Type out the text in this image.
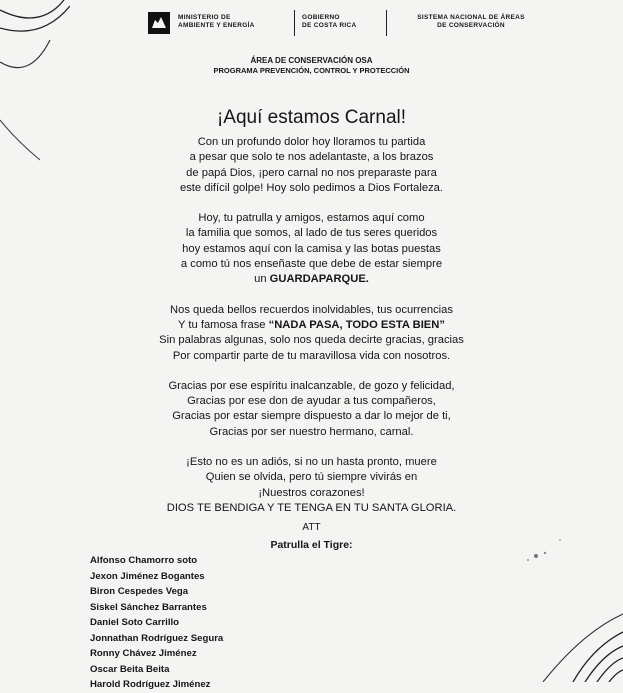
MINISTERIO DE
AMBIENTE Y ENERGÍA
GOBIERNO
DE COSTA RICA
SISTEMA NACIONAL DE ÁREAS
DE CONSERVACIÓN
ÁREA DE CONSERVACIÓN OSA
PROGRAMA PREVENCIÓN, CONTROL Y PROTECCIÓN
¡Aquí estamos Carnal!
Con un profundo dolor hoy lloramos tu partida
a pesar que solo te nos adelantaste, a los brazos
de papá Dios, ¡pero carnal no nos preparaste para
este difícil golpe! Hoy solo pedimos a Dios Fortaleza.
Hoy, tu patrulla y amigos, estamos aquí como
la familia que somos, al lado de tus seres queridos
hoy estamos aquí con la camisa y las botas puestas
a como tú nos enseñaste que debe de estar siempre
un GUARDAPARQUE.
Nos queda bellos recuerdos inolvidables, tus ocurrencias
Y tu famosa frase “NADA PASA, TODO ESTA BIEN”
Sin palabras algunas, solo nos queda decirte gracias, gracias
Por compartir parte de tu maravillosa vida con nosotros.
Gracias por ese espíritu inalcanzable, de gozo y felicidad,
Gracias por ese don de ayudar a tus compañeros,
Gracias por estar siempre dispuesto a dar lo mejor de ti,
Gracias por ser nuestro hermano, carnal.
¡Esto no es un adiós, si no un hasta pronto, muere
Quien se olvida, pero tú siempre vivirás en
¡Nuestros corazones!
DIOS TE BENDIGA Y TE TENGA EN TU SANTA GLORIA.
ATT
Patrulla el Tigre:
Alfonso Chamorro soto
Jexon Jiménez Bogantes
Biron Cespedes Vega
Siskel Sánchez Barrantes
Daniel Soto Carrillo
Jonnathan Rodríguez Segura
Ronny Chávez Jiménez
Oscar Beita Beita
Harold Rodríguez Jiménez
